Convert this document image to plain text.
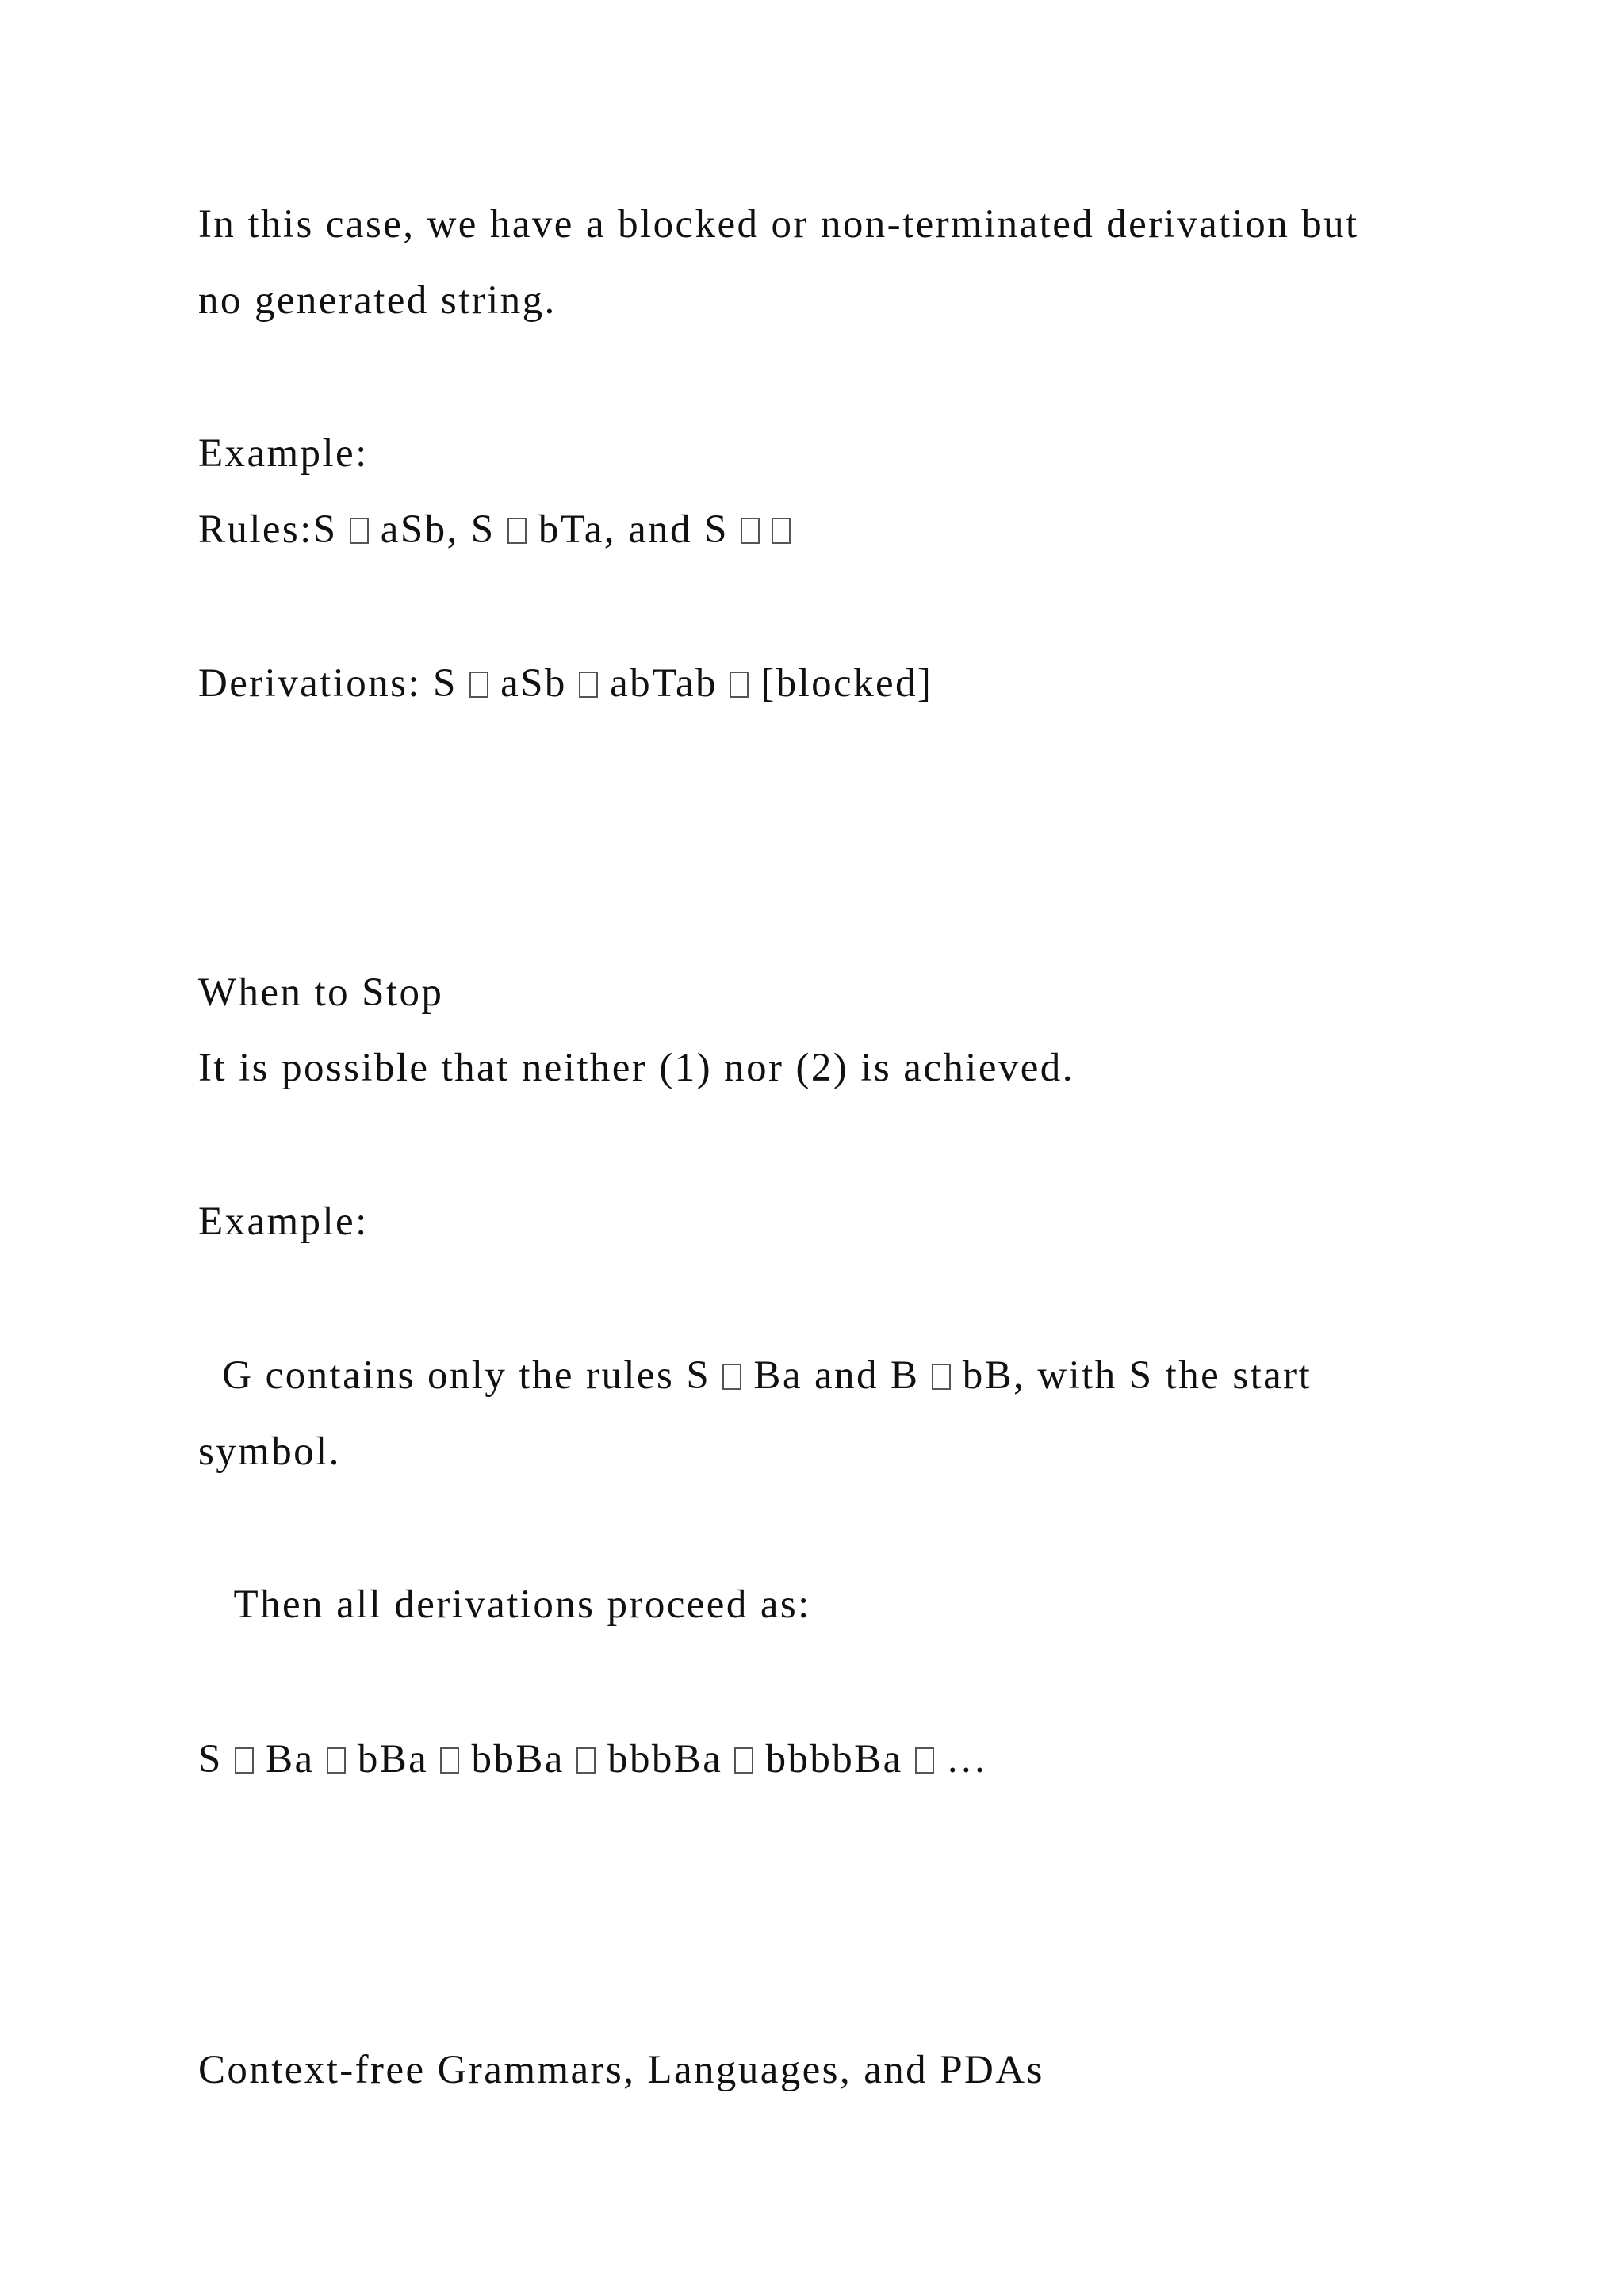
In this case, we have a blocked or non-terminated derivation but
no generated string.
Example:
Rules:S  aSb, S  bTa, and S
Derivations: S  aSb  abTab  [blocked]
When to Stop
It is possible that neither (1) nor (2) is achieved.
Example:
G contains only the rules S  Ba and B  bB, with S the start
symbol.
Then all derivations proceed as:
S Ba bBa bbBa bbbBa bbbbBa  …
Context-free Grammars, Languages, and PDAs
